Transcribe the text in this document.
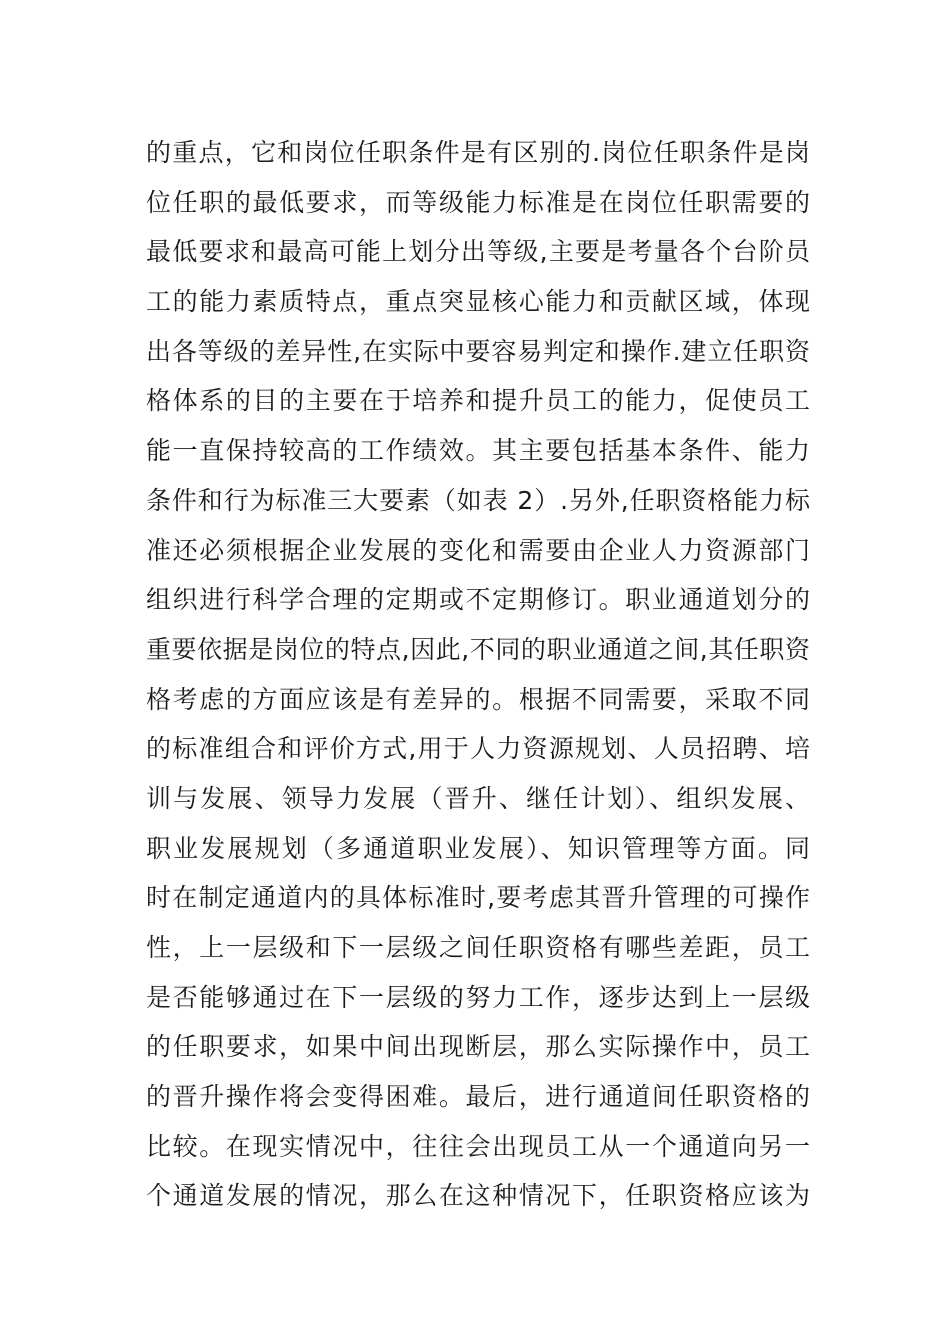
的重点，它和岗位任职条件是有区别的.岗位任职条件是岗
位任职的最低要求，而等级能力标准是在岗位任职需要的
最低要求和最高可能上划分出等级,主要是考量各个台阶员
工的能力素质特点，重点突显核心能力和贡献区域，体现
出各等级的差异性,在实际中要容易判定和操作.建立任职资
格体系的目的主要在于培养和提升员工的能力，促使员工
能一直保持较高的工作绩效。其主要包括基本条件、能力
条件和行为标准三大要素（如表 2）.另外,任职资格能力标
准还必须根据企业发展的变化和需要由企业人力资源部门
组织进行科学合理的定期或不定期修订。职业通道划分的
重要依据是岗位的特点,因此,不同的职业通道之间,其任职资
格考虑的方面应该是有差异的。根据不同需要，采取不同
的标准组合和评价方式,用于人力资源规划、人员招聘、培
训与发展、领导力发展（晋升、继任计划）、组织发展、
职业发展规划（多通道职业发展）、知识管理等方面。同
时在制定通道内的具体标准时,要考虑其晋升管理的可操作
性，上一层级和下一层级之间任职资格有哪些差距，员工
是否能够通过在下一层级的努力工作，逐步达到上一层级
的任职要求，如果中间出现断层，那么实际操作中，员工
的晋升操作将会变得困难。最后，进行通道间任职资格的
比较。在现实情况中，往往会出现员工从一个通道向另一
个通道发展的情况，那么在这种情况下，任职资格应该为
